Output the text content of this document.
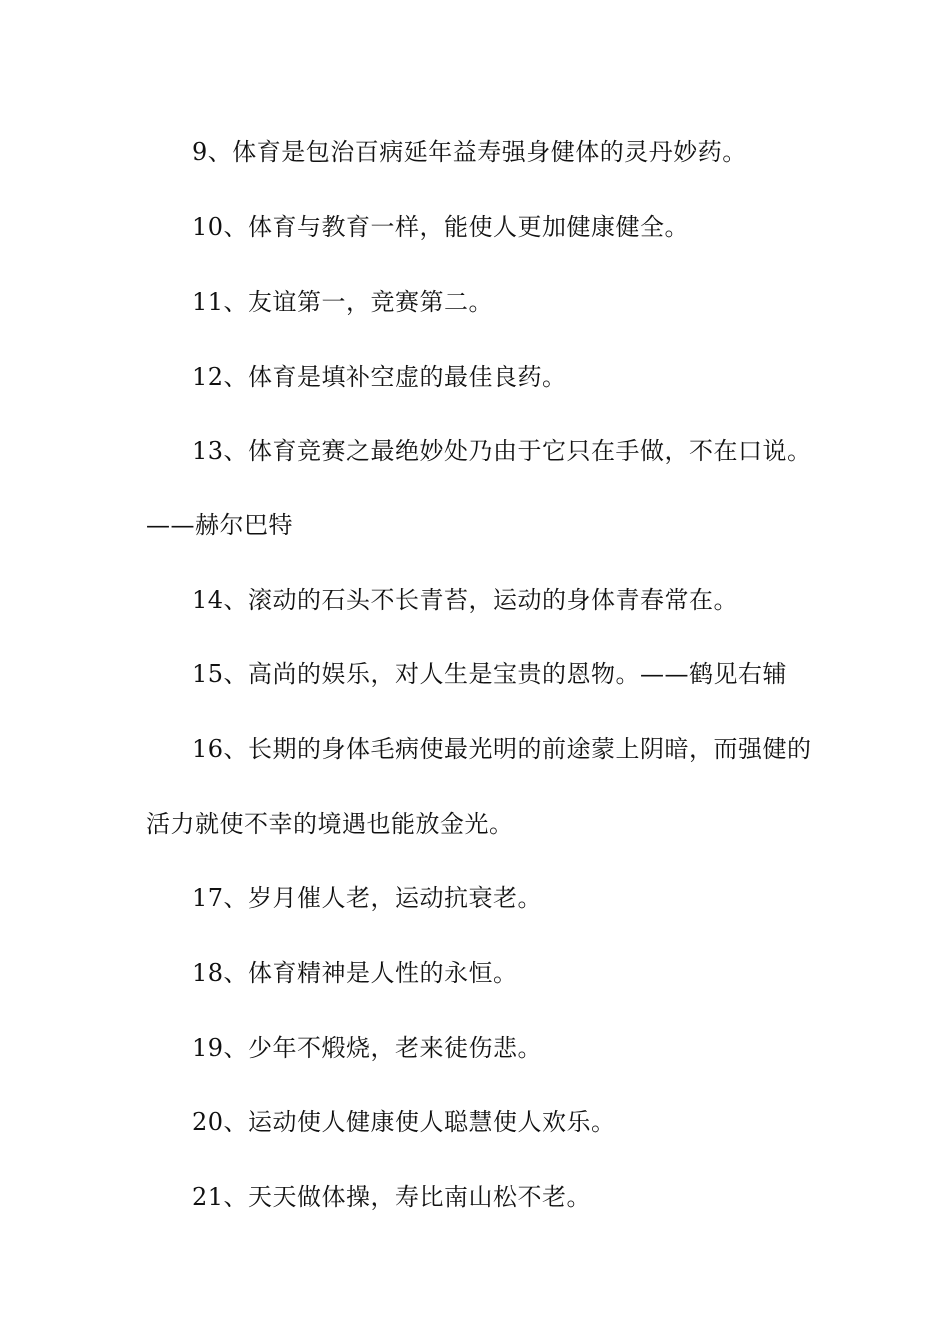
9、体育是包治百病延年益寿强身健体的灵丹妙药。
10、体育与教育一样，能使人更加健康健全。
11、友谊第一，竞赛第二。
12、体育是填补空虚的最佳良药。
13、体育竞赛之最绝妙处乃由于它只在手做，不在口说。
——赫尔巴特
14、滚动的石头不长青苔，运动的身体青春常在。
15、高尚的娱乐，对人生是宝贵的恩物。——鹤见右辅
16、长期的身体毛病使最光明的前途蒙上阴暗，而强健的
活力就使不幸的境遇也能放金光。
17、岁月催人老，运动抗衰老。
18、体育精神是人性的永恒。
19、少年不煅烧，老来徒伤悲。
20、运动使人健康使人聪慧使人欢乐。
21、天天做体操，寿比南山松不老。
